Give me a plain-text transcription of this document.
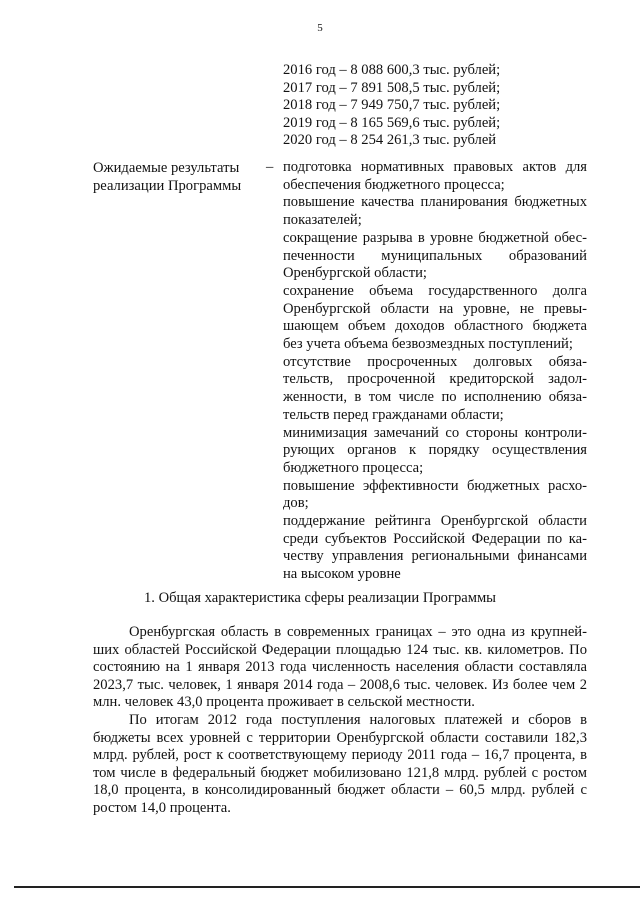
5
2016 год – 8 088 600,3 тыс. рублей;
2017 год – 7 891 508,5 тыс. рублей;
2018 год – 7 949 750,7 тыс. рублей;
2019 год – 8 165 569,6 тыс. рублей;
2020 год – 8 254 261,3 тыс. рублей
Ожидаемые результаты реализации Программы
– подготовка нормативных правовых актов для обеспечения бюджетного процесса;

повышение качества планирования бюджетных показателей;

сокращение разрыва в уровне бюджетной обеспеченности муниципальных образований Оренбургской области;

сохранение объема государственного долга Оренбургской области на уровне, не превышающем объем доходов областного бюджета без учета объема безвозмездных поступлений;

отсутствие просроченных долговых обязательств, просроченной кредиторской задолженности, в том числе по исполнению обязательств перед гражданами области;

минимизация замечаний со стороны контролирующих органов к порядку осуществления бюджетного процесса;

повышение эффективности бюджетных расходов;

поддержание рейтинга Оренбургской области среди субъектов Российской Федерации по качеству управления региональными финансами на высоком уровне

1. Общая характеристика сферы реализации Программы

Оренбургская область в современных границах – это одна из крупнейших областей Российской Федерации площадью 124 тыс. кв. километров. По состоянию на 1 января 2013 года численность населения области составляла 2023,7 тыс. человек, 1 января 2014 года – 2008,6 тыс. человек. Из более чем 2 млн. человек 43,0 процента проживает в сельской местности.

По итогам 2012 года поступления налоговых платежей и сборов в бюджеты всех уровней с территории Оренбургской области составили 182,3 млрд. рублей, рост к соответствующему периоду 2011 года – 16,7 процента, в том числе в федеральный бюджет мобилизовано 121,8 млрд. рублей с ростом 18,0 процента, в консолидированный бюджет области – 60,5 млрд. рублей с ростом 14,0 процента.
